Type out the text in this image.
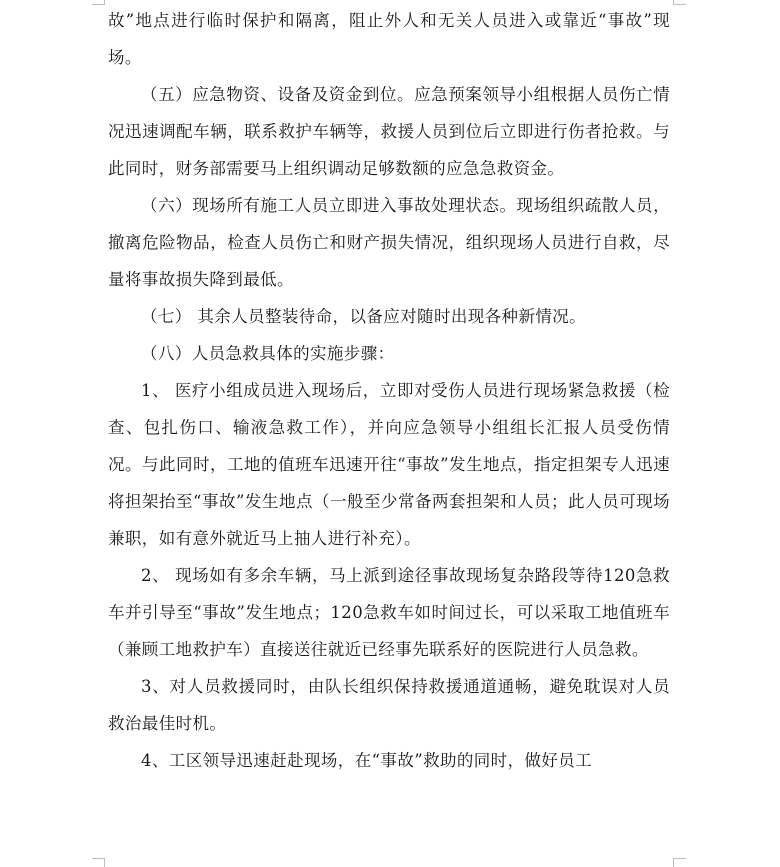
故”地点进行临时保护和隔离，阻止外人和无关人员进入或靠近“事故”现场。

（五）应急物资、设备及资金到位。应急预案领导小组根据人员伤亡情况迅速调配车辆，联系救护车辆等，救援人员到位后立即进行伤者抢救。与此同时，财务部需要马上组织调动足够数额的应急急救资金。

（六）现场所有施工人员立即进入事故处理状态。现场组织疏散人员，撤离危险物品，检查人员伤亡和财产损失情况，组织现场人员进行自救，尽量将事故损失降到最低。

（七） 其余人员整装待命，以备应对随时出现各种新情况。

（八）人员急救具体的实施步骤：

1、 医疗小组成员进入现场后，立即对受伤人员进行现场紧急救援（检查、包扎伤口、输液急救工作），并向应急领导小组组长汇报人员受伤情况。与此同时，工地的值班车迅速开往“事故”发生地点，指定担架专人迅速将担架抬至“事故”发生地点（一般至少常备两套担架和人员；此人员可现场兼职，如有意外就近马上抽人进行补充）。

2、 现场如有多余车辆，马上派到途径事故现场复杂路段等待120急救车并引导至“事故”发生地点；120急救车如时间过长，可以采取工地值班车（兼顾工地救护车）直接送往就近已经事先联系好的医院进行人员急救。

3、对人员救援同时，由队长组织保持救援通道通畅，避免耽误对人员救治最佳时机。

4、工区领导迅速赶赴现场，在“事故”救助的同时，做好员工
